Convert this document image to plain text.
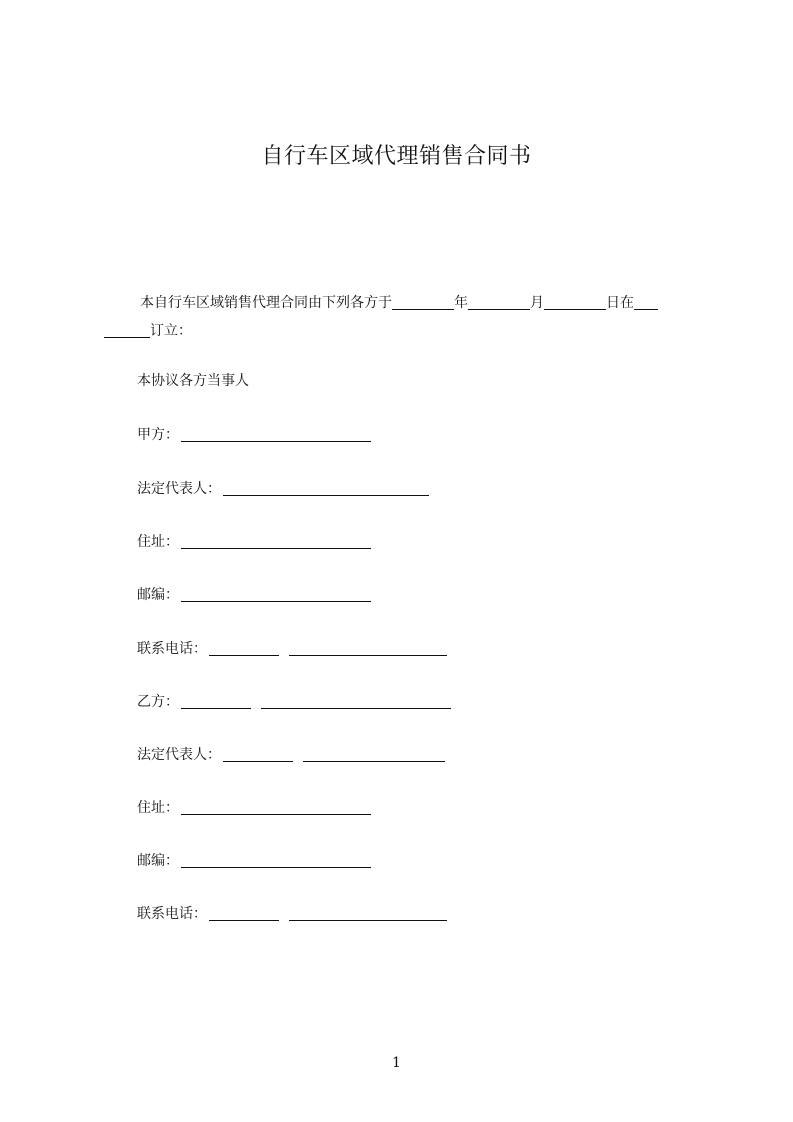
自行车区域代理销售合同书

本自行车区域销售代理合同由下列各方于	年	月	日在
订立：

本协议各方当事人
甲方：
法定代表人：
住址：
邮编：
联系电话：
乙方：
法定代表人：
住址：
邮编：
联系电话：
1
